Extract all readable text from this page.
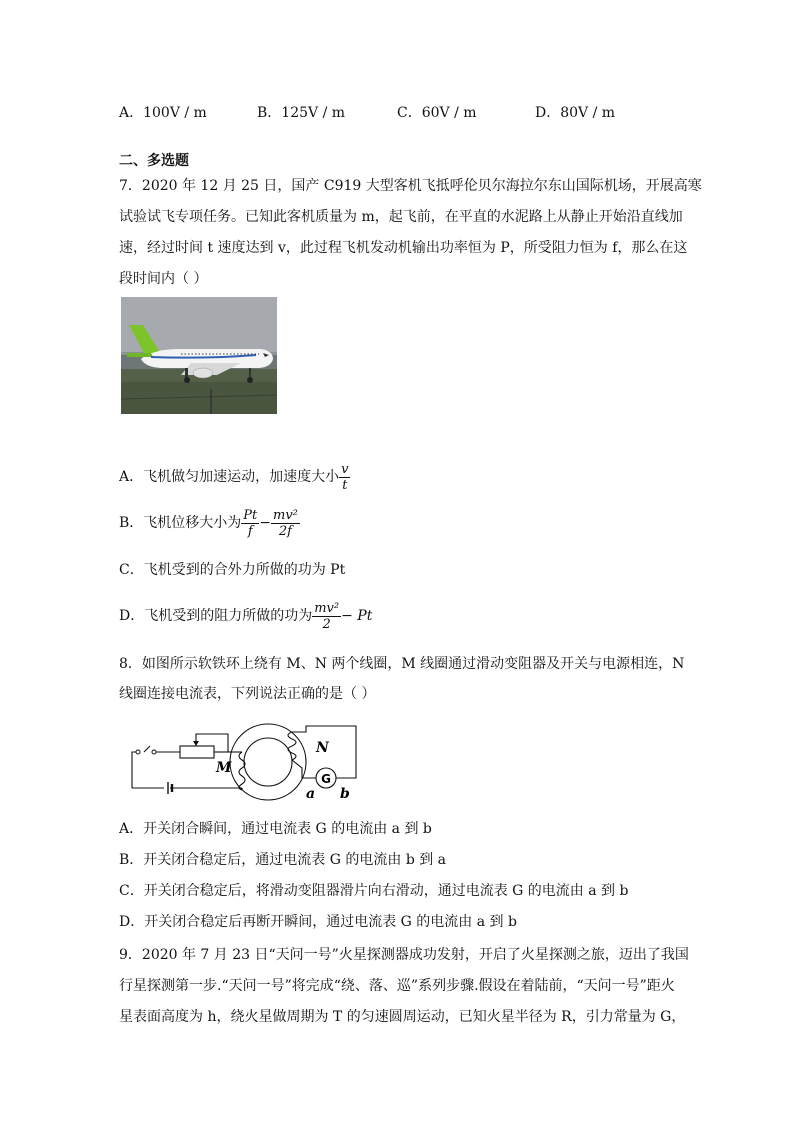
A．100V / m	B．125V / m	C．60V / m	D．80V / m
二、多选题
7．2020 年 12 月 25 日，国产 C919 大型客机飞抵呼伦贝尔海拉尔东山国际机场，开展高寒
试验试飞专项任务。已知此客机质量为 m，起飞前，在平直的水泥路上从静止开始沿直线加
速，经过时间 t 速度达到 v，此过程飞机发动机输出功率恒为 P，所受阻力恒为 f，那么在这
段时间内（ ）
A．飞机做匀加速运动，加速度大小 $\frac{v}{t}$
B．飞机位移大小为 $\frac{Pt}{f} - \frac{\text{mv²}}{2f}$
C．飞机受到的合外力所做的功为 Pt
D．飞机受到的阻力所做的功为 $\frac{\text{mv²}}{2} - Pt$
8．如图所示软铁环上绕有 M、N 两个线圈，M 线圈通过滑动变阻器及开关与电源相连，N
线圈连接电流表，下列说法正确的是（ ）
G
M
N
a b
A．开关闭合瞬间，通过电流表 G 的电流由 a 到 b
B．开关闭合稳定后，通过电流表 G 的电流由 b 到 a
C．开关闭合稳定后，将滑动变阻器滑片向右滑动，通过电流表 G 的电流由 a 到 b
D．开关闭合稳定后再断开瞬间，通过电流表 G 的电流由 a 到 b
9．2020 年 7 月 23 日“天问一号”火星探测器成功发射，开启了火星探测之旅，迈出了我国
行星探测第一步.“天问一号”将完成“绕、落、巡”系列步骤.假设在着陆前，“天问一号”距火
星表面高度为 h，绕火星做周期为 T 的匀速圆周运动，已知火星半径为 R，引力常量为 G，
